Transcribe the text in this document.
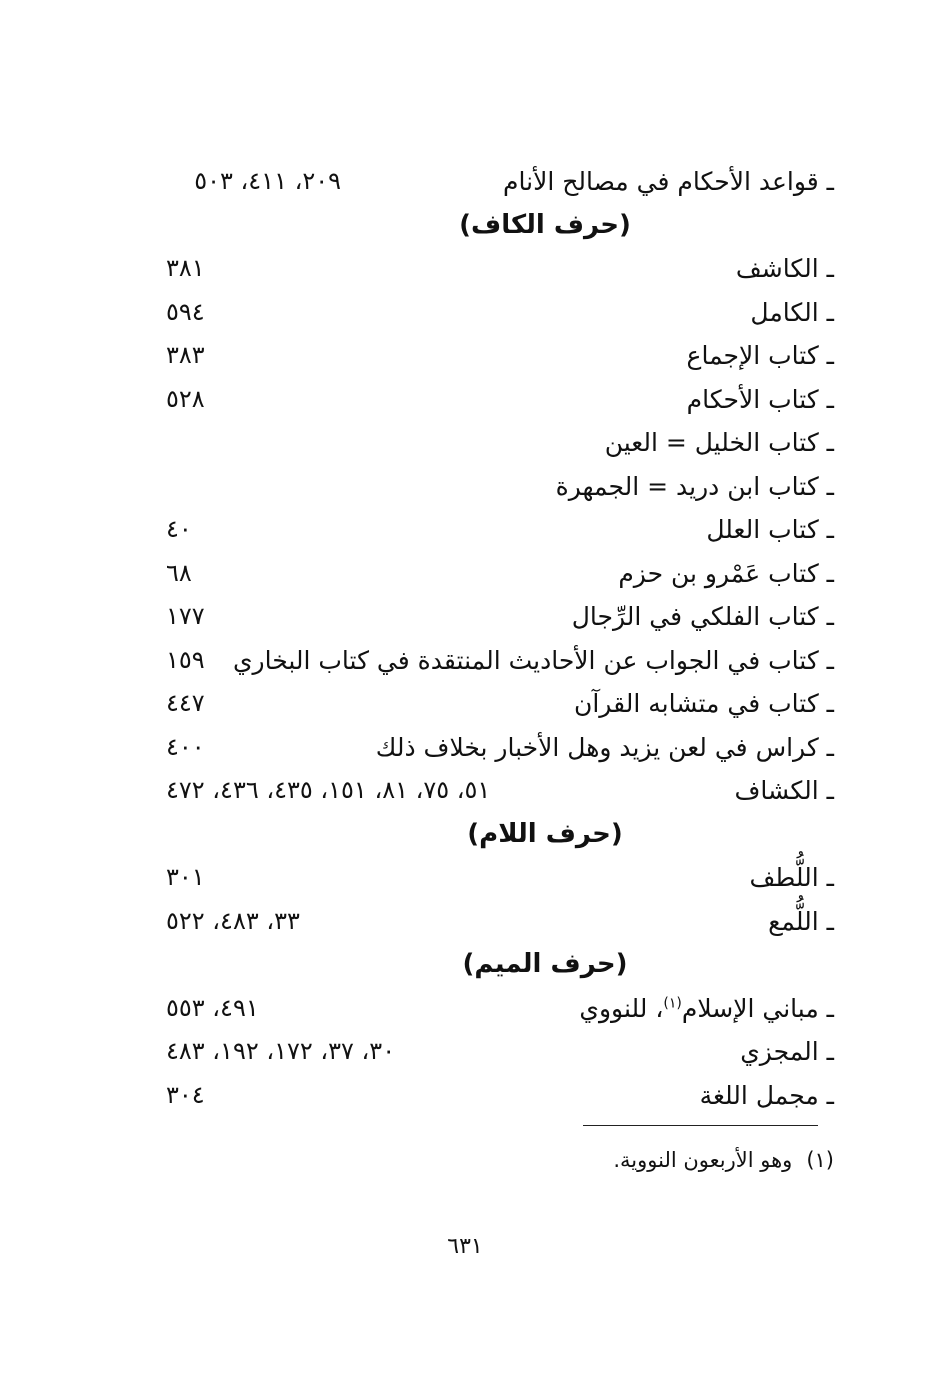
ـ قواعد الأحكام في مصالح الأنام
٢٠٩، ٤١١، ٥٠٣
(حرف الكاف)
ـ الكاشف
٣٨١
ـ الكامل
٥٩٤
ـ كتاب الإجماع
٣٨٣
ـ كتاب الأحكام
٥٢٨
ـ كتاب الخليل = العين
ـ كتاب ابن دريد = الجمهرة
ـ كتاب العلل
٤٠
ـ كتاب عَمْرو بن حزم
٦٨
ـ كتاب الفلكي في الرِّجال
١٧٧
ـ كتاب في الجواب عن الأحاديث المنتقدة في كتاب البخاري
١٥٩
ـ كتاب في متشابه القرآن
٤٤٧
ـ كراس في لعن يزيد وهل الأخبار بخلاف ذلك
٤٠٠
ـ الكشاف
٥١، ٧٥، ٨١، ١٥١، ٤٣٥، ٤٣٦، ٤٧٢
(حرف اللام)
ـ اللُّطف
٣٠١
ـ اللُّمع
٣٣، ٤٨٣، ٥٢٢
(حرف الميم)
ـ مباني الإسلام$^{(١)}$، للنووي
٤٩١، ٥٥٣
ـ المجزي
٣٠، ٣٧، ١٧٢، ١٩٢، ٤٨٣
ـ مجمل اللغة
٣٠٤
(١)وهو الأربعون النووية.
٦٣١
